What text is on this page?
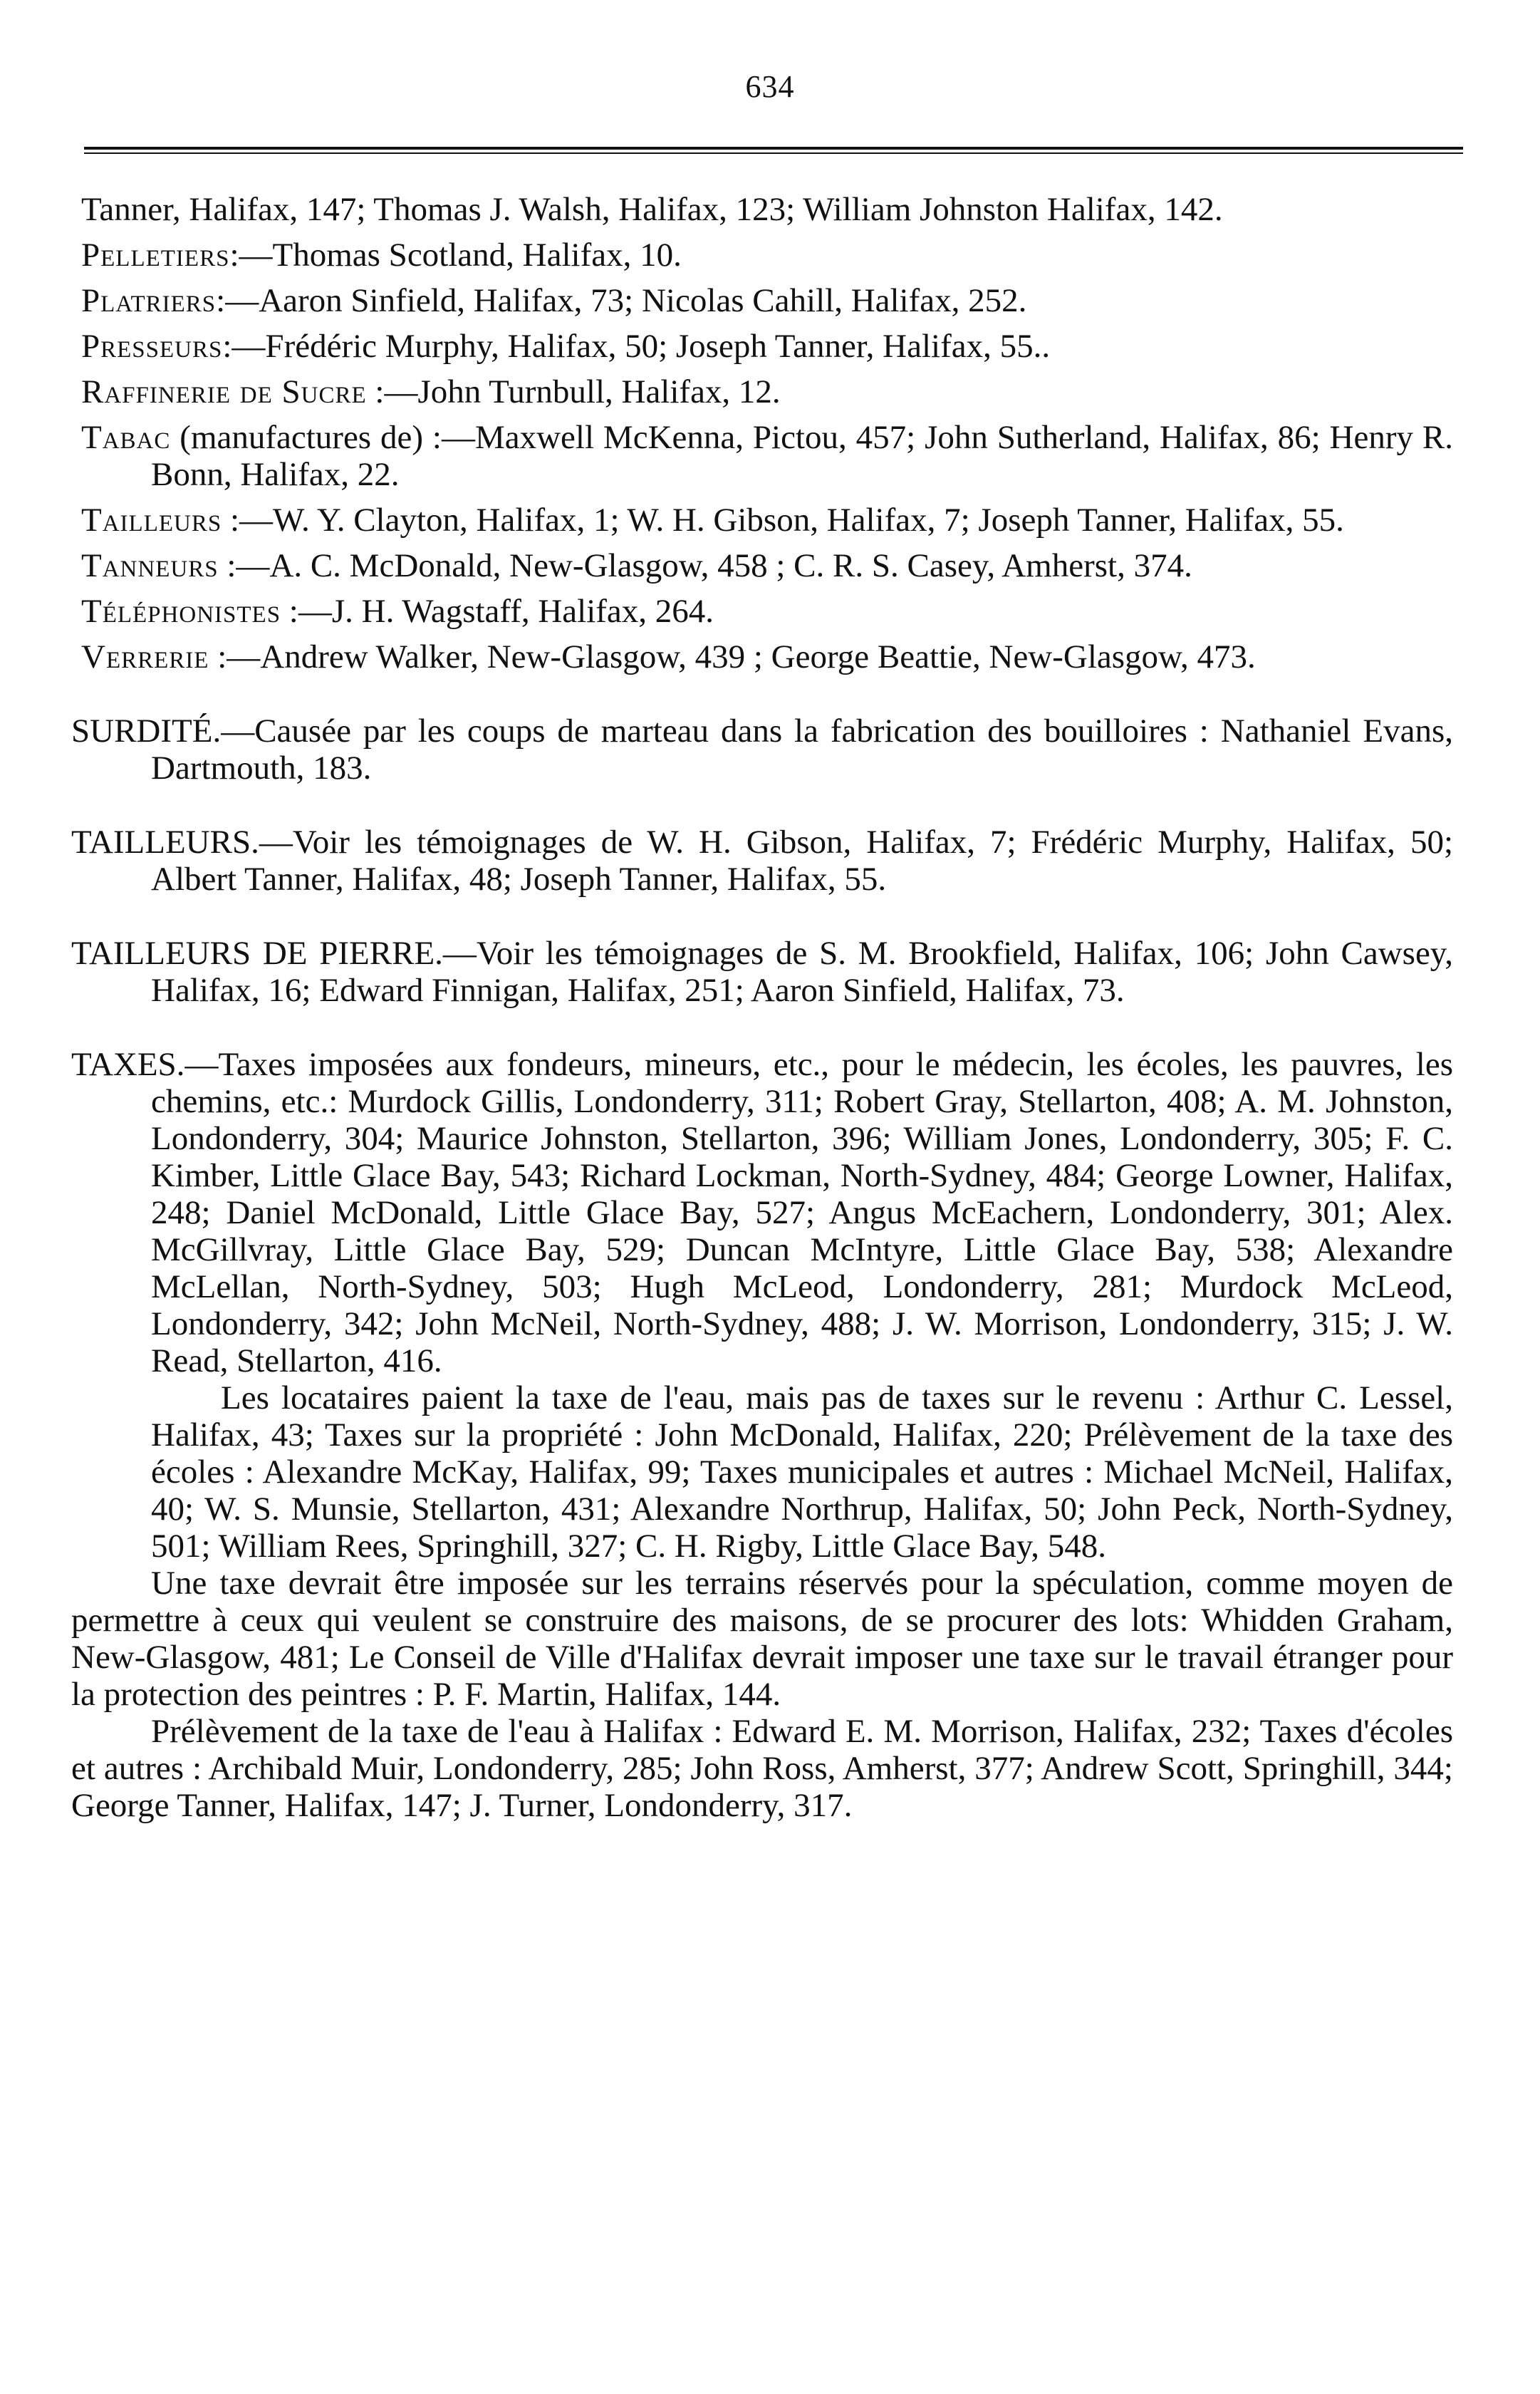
634

Tanner, Halifax, 147; Thomas J. Walsh, Halifax, 123; William Johnston Halifax, 142.

Pelletiers:—Thomas Scotland, Halifax, 10.

Platriers:—Aaron Sinfield, Halifax, 73; Nicolas Cahill, Halifax, 252.

Presseurs:—Frédéric Murphy, Halifax, 50; Joseph Tanner, Halifax, 55..

Raffinerie de Sucre :—John Turnbull, Halifax, 12.

Tabac (manufactures de) :—Maxwell McKenna, Pictou, 457; John Sutherland, Halifax, 86; Henry R. Bonn, Halifax, 22.

Tailleurs :—W. Y. Clayton, Halifax, 1; W. H. Gibson, Halifax, 7; Joseph Tanner, Halifax, 55.

Tanneurs :—A. C. McDonald, New-Glasgow, 458 ; C. R. S. Casey, Amherst, 374.

Téléphonistes :—J. H. Wagstaff, Halifax, 264.

Verrerie :—Andrew Walker, New-Glasgow, 439 ; George Beattie, New-Glasgow, 473.

SURDITÉ.—Causée par les coups de marteau dans la fabrication des bouilloires : Nathaniel Evans, Dartmouth, 183.

TAILLEURS.—Voir les témoignages de W. H. Gibson, Halifax, 7; Frédéric Murphy, Halifax, 50; Albert Tanner, Halifax, 48; Joseph Tanner, Halifax, 55.

TAILLEURS DE PIERRE.—Voir les témoignages de S. M. Brookfield, Halifax, 106; John Cawsey, Halifax, 16; Edward Finnigan, Halifax, 251; Aaron Sinfield, Halifax, 73.

TAXES.—Taxes imposées aux fondeurs, mineurs, etc., pour le médecin, les écoles, les pauvres, les chemins, etc.: Murdock Gillis, Londonderry, 311; Robert Gray, Stellarton, 408; A. M. Johnston, Londonderry, 304; Maurice Johnston, Stellarton, 396; William Jones, Londonderry, 305; F. C. Kimber, Little Glace Bay, 543; Richard Lockman, North-Sydney, 484; George Lowner, Halifax, 248; Daniel McDonald, Little Glace Bay, 527; Angus McEachern, Londonderry, 301; Alex. McGillvray, Little Glace Bay, 529; Duncan McIntyre, Little Glace Bay, 538; Alexandre McLellan, North-Sydney, 503; Hugh McLeod, Londonderry, 281; Murdock McLeod, Londonderry, 342; John McNeil, North-Sydney, 488; J. W. Morrison, Londonderry, 315; J. W. Read, Stellarton, 416.

Les locataires paient la taxe de l'eau, mais pas de taxes sur le revenu : Arthur C. Lessel, Halifax, 43; Taxes sur la propriété : John McDonald, Halifax, 220; Prélèvement de la taxe des écoles : Alexandre McKay, Halifax, 99; Taxes municipales et autres : Michael McNeil, Halifax, 40; W. S. Munsie, Stellarton, 431; Alexandre Northrup, Halifax, 50; John Peck, North-Sydney, 501; William Rees, Springhill, 327; C. H. Rigby, Little Glace Bay, 548.

Une taxe devrait être imposée sur les terrains réservés pour la spéculation, comme moyen de permettre à ceux qui veulent se construire des maisons, de se procurer des lots: Whidden Graham, New-Glasgow, 481; Le Conseil de Ville d'Halifax devrait imposer une taxe sur le travail étranger pour la protection des peintres : P. F. Martin, Halifax, 144.

Prélèvement de la taxe de l'eau à Halifax : Edward E. M. Morrison, Halifax, 232; Taxes d'écoles et autres : Archibald Muir, Londonderry, 285; John Ross, Amherst, 377; Andrew Scott, Springhill, 344; George Tanner, Halifax, 147; J. Turner, Londonderry, 317.
